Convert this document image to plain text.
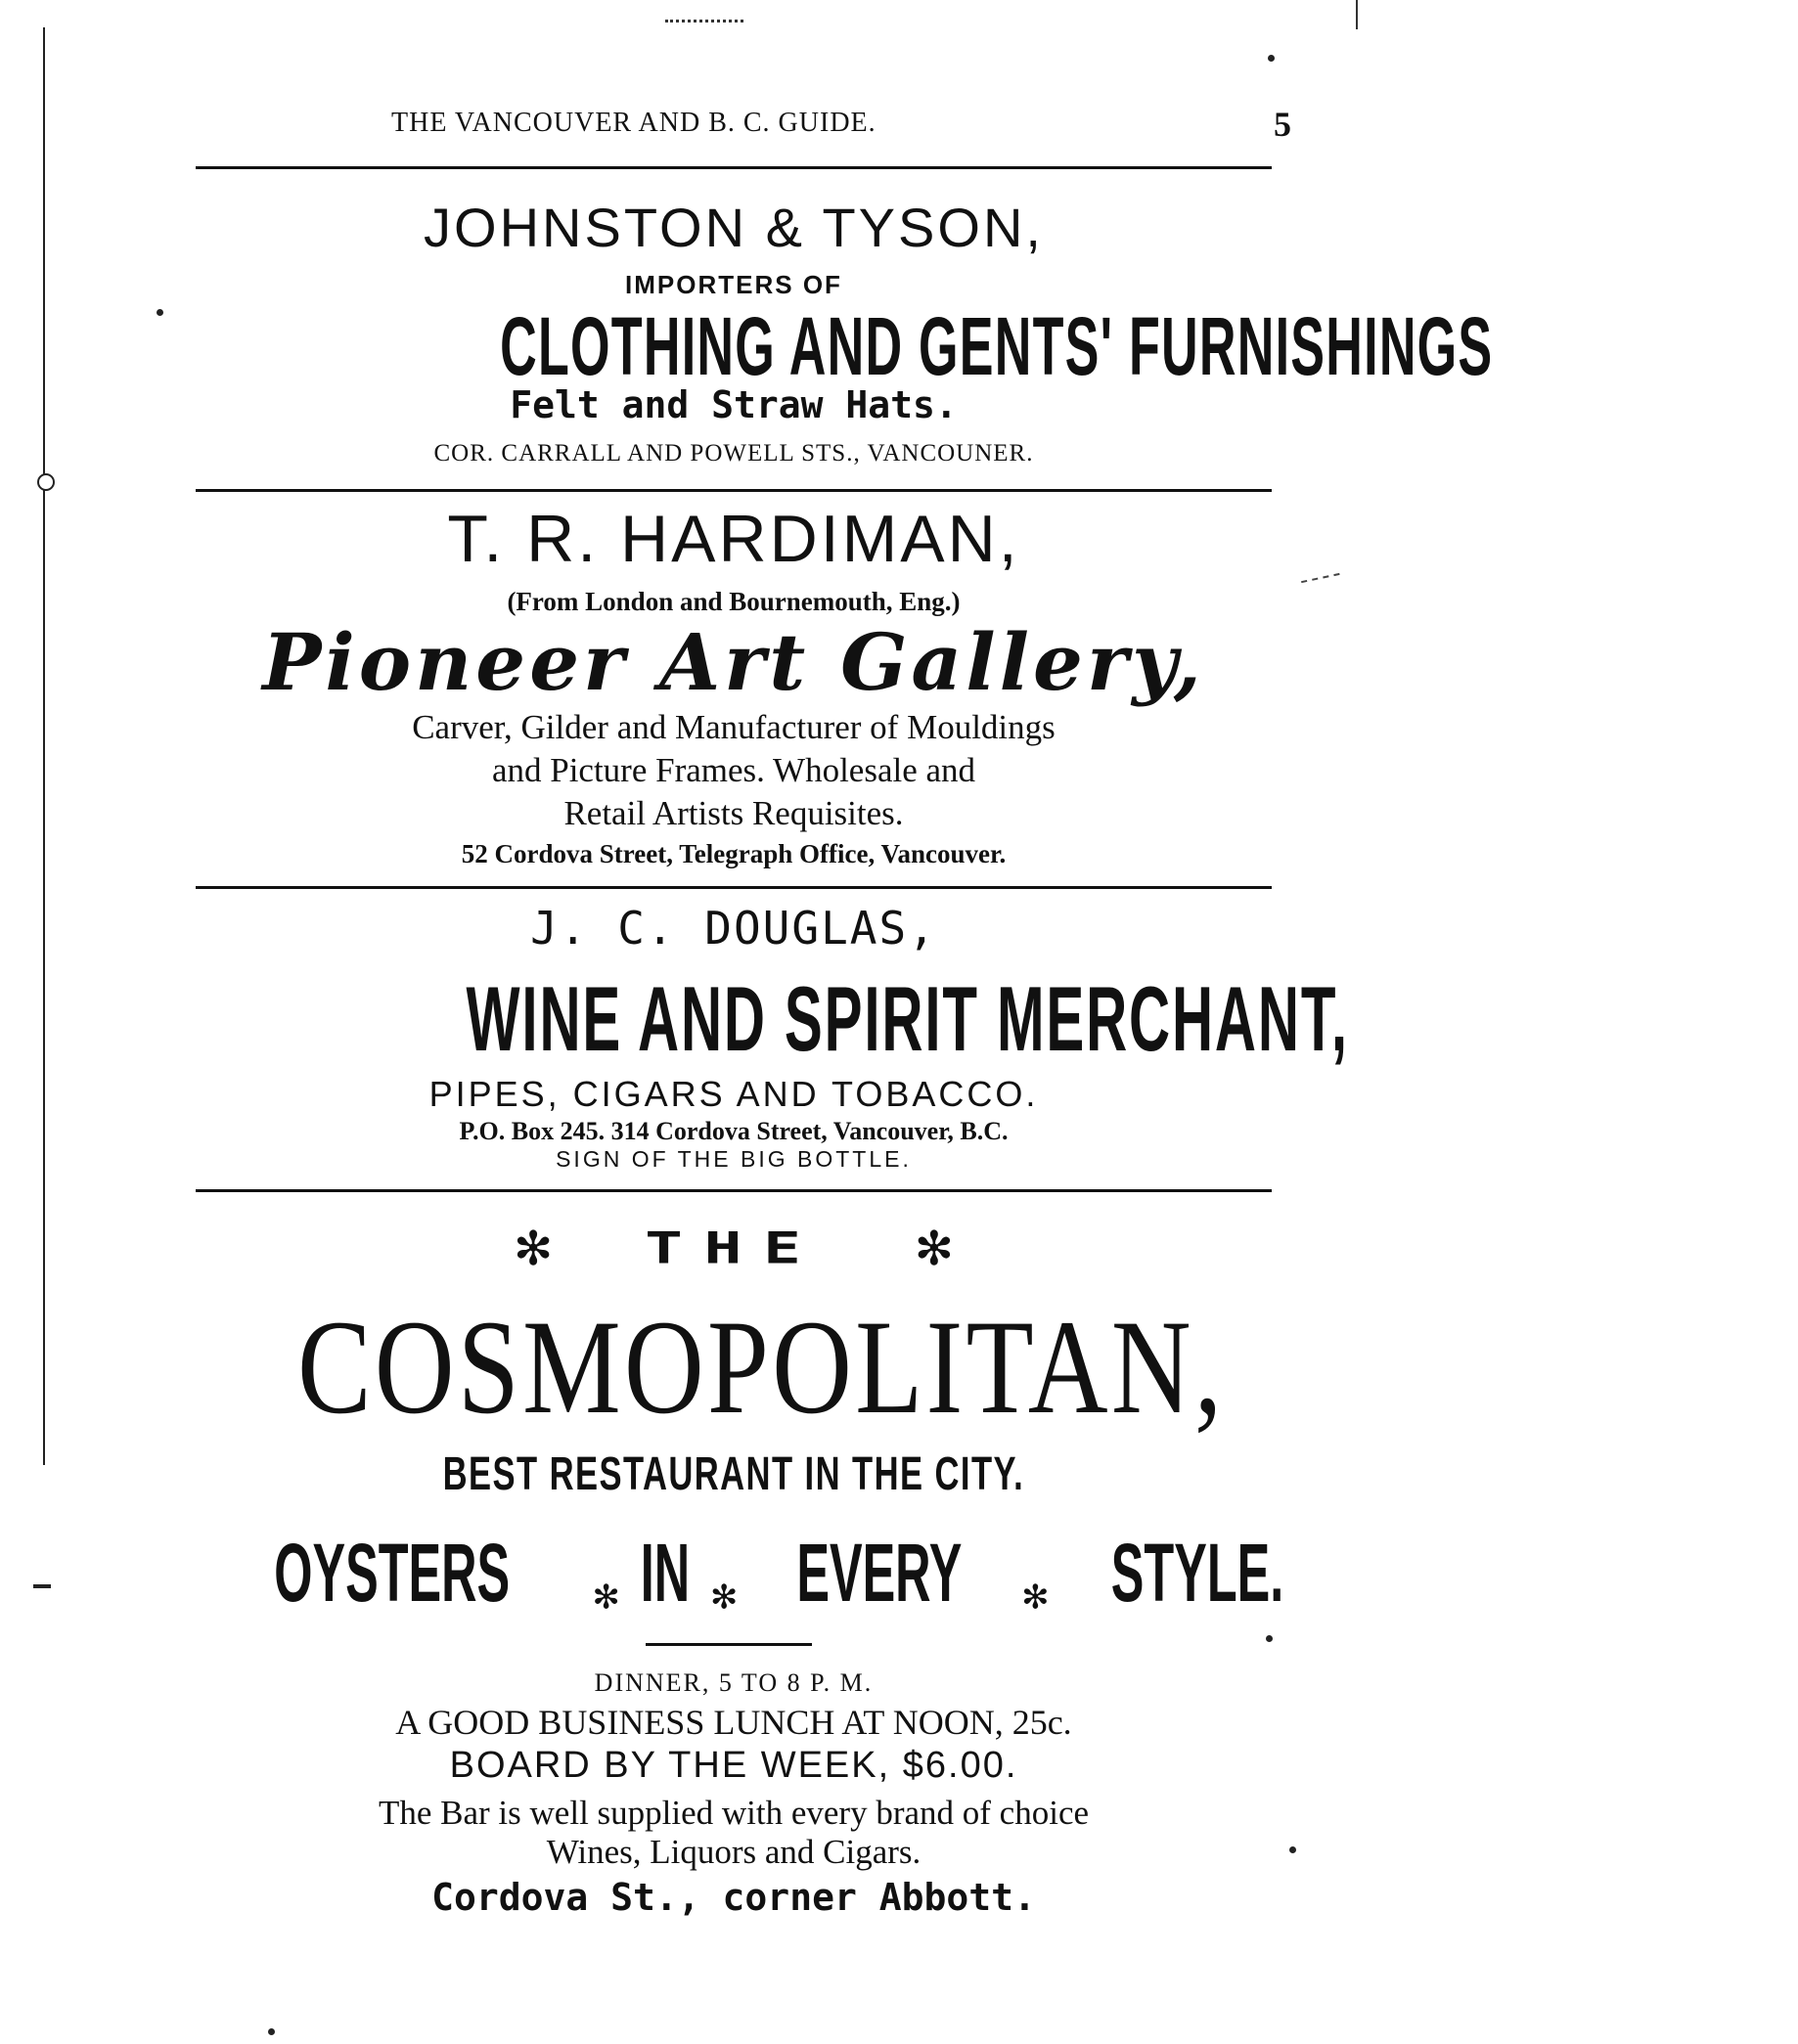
THE VANCOUVER AND B. C. GUIDE.	5
JOHNSTON & TYSON,
IMPORTERS OF
CLOTHING AND GENTS' FURNISHINGS
Felt and Straw Hats.
COR. CARRALL AND POWELL STS., VANCOUNER.
T. R. HARDIMAN,
(From London and Bournemouth, Eng.)
Pioneer Art Gallery,
Carver, Gilder and Manufacturer of Mouldings
and Picture Frames. Wholesale and
Retail Artists Requisites.
52 Cordova Street, Telegraph Office, Vancouver.
J. C. DOUGLAS,
WINE AND SPIRIT MERCHANT,
PIPES, CIGARS AND TOBACCO.
P.O. Box 245. 314 Cordova Street, Vancouver, B.C.
SIGN OF THE BIG BOTTLE.
✻ THE ✻
COSMOPOLITAN,
BEST RESTAURANT IN THE CITY.
OYSTERS ✻ IN ✻ EVERY ✻ STYLE.
DINNER, 5 TO 8 P. M.
A GOOD BUSINESS LUNCH AT NOON, 25c.
BOARD BY THE WEEK, $6.00.
The Bar is well supplied with every brand of choice
Wines, Liquors and Cigars.
Cordova St., corner Abbott.
